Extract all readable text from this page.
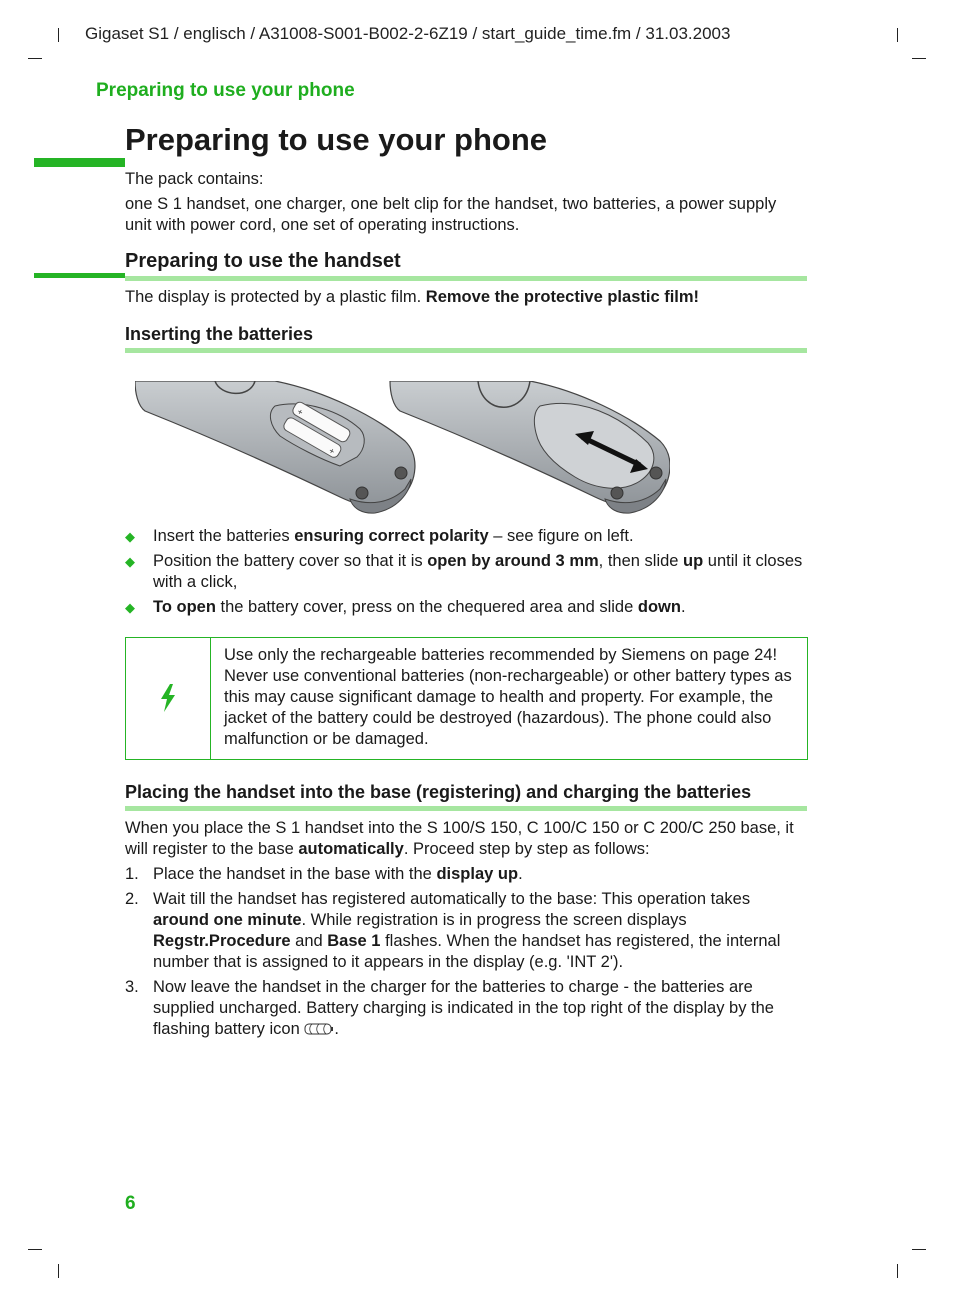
Gigaset S1 / englisch / A31008-S001-B002-2-6Z19 / start_guide_time.fm / 31.03.2003
Preparing to use your phone
Preparing to use your phone
The pack contains:
one S 1 handset, one charger, one belt clip for the handset, two batteries, a power supply unit with power cord, one set of operating instructions.
Preparing to use the handset
The display is protected by a plastic film. Remove the protective plastic film!
Inserting the batteries
+
+
◆ Insert the batteries ensuring correct polarity – see figure on left.
◆ Position the battery cover so that it is open by around 3 mm, then slide up until it closes with a click,
◆ To open the battery cover, press on the chequered area and slide down.
Use only the rechargeable batteries recommended by Siemens on page 24! Never use conventional batteries (non-rechargeable) or other battery types as this may cause significant damage to health and property. For example, the jacket of the battery could be destroyed (hazardous). The phone could also malfunction or be damaged.
Placing the handset into the base (registering) and charging the batteries
When you place the S 1 handset into the S 100/S 150, C 100/C 150 or C 200/C 250 base, it will register to the base automatically. Proceed step by step as follows:
1. Place the handset in the base with the display up.
2. Wait till the handset has registered automatically to the base: This operation takes around one minute. While registration is in progress the screen displays Regstr.Procedure and Base 1 flashes. When the handset has registered, the internal number that is assigned to it appears in the display (e.g. 'INT 2').
3. Now leave the handset in the charger for the batteries to charge - the batteries are supplied uncharged. Battery charging is indicated in the top right of the display by the flashing battery icon .
6
